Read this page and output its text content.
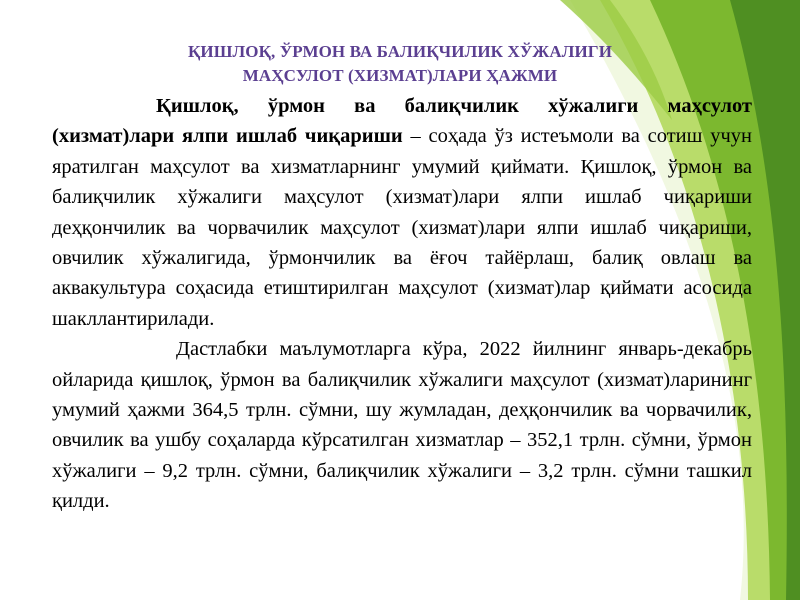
ҚИШЛОҚ, ЎРМОН ВА БАЛИҚЧИЛИК ХЎЖАЛИГИ
МАҲСУЛОТ (ХИЗМАТ)ЛАРИ ҲАЖМИ

Қишлоқ, ўрмон ва балиқчилик хўжалиги маҳсулот (хизмат)лари ялпи ишлаб чиқариши – соҳада ўз истеъмоли ва сотиш учун яратилган маҳсулот ва хизматларнинг умумий қиймати. Қишлоқ, ўрмон ва балиқчилик хўжалиги маҳсулот (хизмат)лари ялпи ишлаб чиқариши деҳқончилик ва чорвачилик маҳсулот (хизмат)лари ялпи ишлаб чиқариши, овчилик хўжалигида, ўрмончилик ва ёғоч тайёрлаш, балиқ овлаш ва аквакультура соҳасида етиштирилган маҳсулот (хизмат)лар қиймати асосида шакллантирилади.

Дастлабки маълумотларга кўра, 2022 йилнинг январь-декабрь ойларида қишлоқ, ўрмон ва балиқчилик хўжалиги маҳсулот (хизмат)ларининг умумий ҳажми 364,5 трлн. сўмни, шу жумладан, деҳқончилик ва чорвачилик, овчилик ва ушбу соҳаларда кўрсатилган хизматлар – 352,1 трлн. сўмни, ўрмон хўжалиги – 9,2 трлн. сўмни, балиқчилик хўжалиги – 3,2 трлн. сўмни ташкил қилди.
